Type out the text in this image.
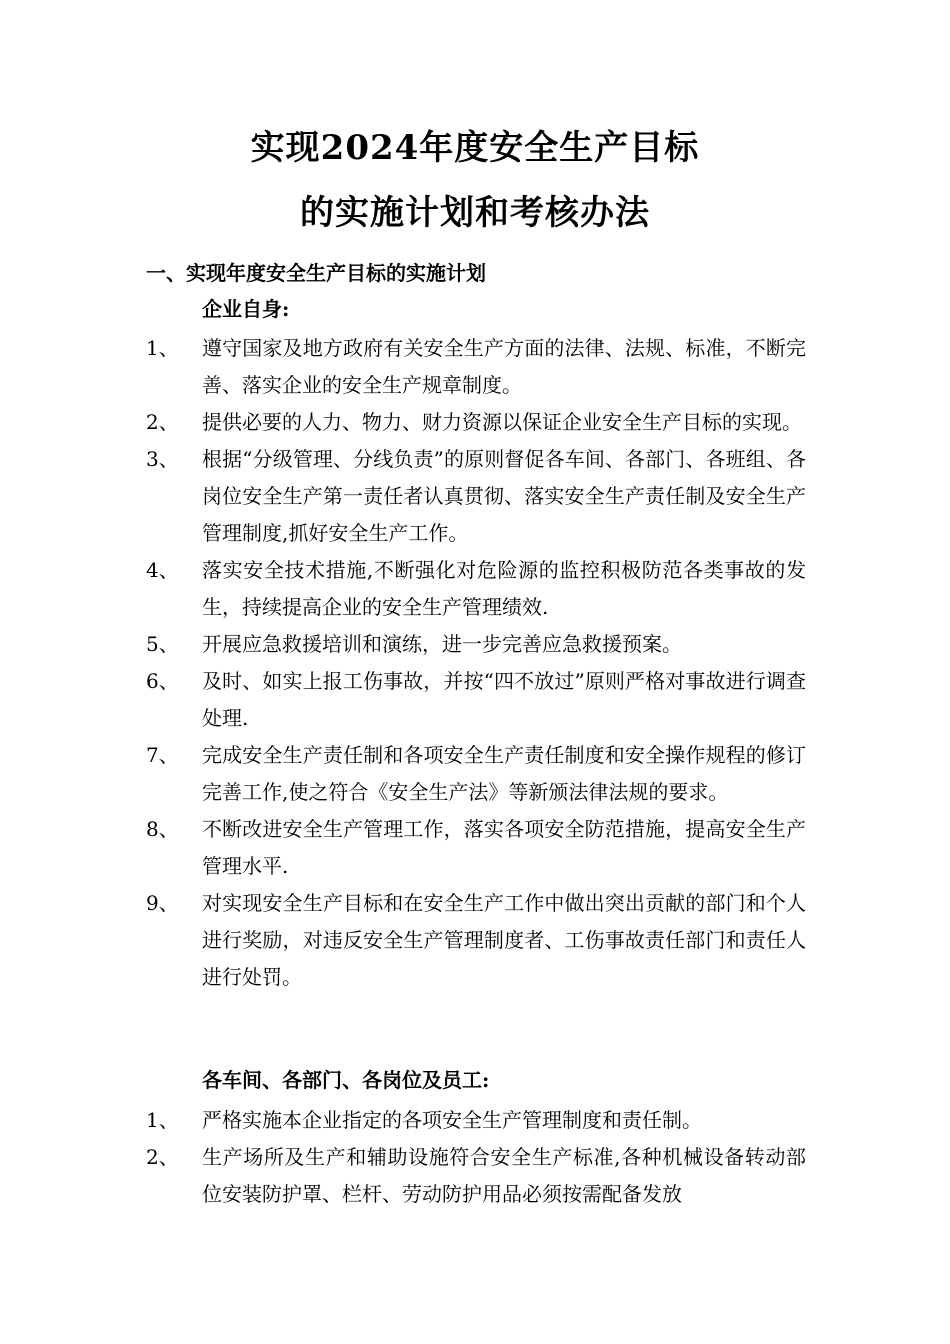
实现2024年度安全生产目标
的实施计划和考核办法
一、实现年度安全生产目标的实施计划
企业自身:
1、	遵守国家及地方政府有关安全生产方面的法律、法规、标准，不断完善、落实企业的安全生产规章制度。
2、	提供必要的人力、物力、财力资源以保证企业安全生产目标的实现。
3、	根据“分级管理、分线负责”的原则督促各车间、各部门、各班组、各岗位安全生产第一责任者认真贯彻、落实安全生产责任制及安全生产管理制度,抓好安全生产工作。
4、	落实安全技术措施,不断强化对危险源的监控积极防范各类事故的发生，持续提高企业的安全生产管理绩效.
5、	开展应急救援培训和演练，进一步完善应急救援预案。
6、	及时、如实上报工伤事故，并按“四不放过”原则严格对事故进行调查处理.
7、	完成安全生产责任制和各项安全生产责任制度和安全操作规程的修订完善工作,使之符合《安全生产法》等新颁法律法规的要求。
8、	不断改进安全生产管理工作，落实各项安全防范措施，提高安全生产管理水平.
9、	对实现安全生产目标和在安全生产工作中做出突出贡献的部门和个人进行奖励，对违反安全生产管理制度者、工伤事故责任部门和责任人进行处罚。
各车间、各部门、各岗位及员工:
1、	严格实施本企业指定的各项安全生产管理制度和责任制。
2、	生产场所及生产和辅助设施符合安全生产标准,各种机械设备转动部位安装防护罩、栏杆、劳动防护用品必须按需配备发放
